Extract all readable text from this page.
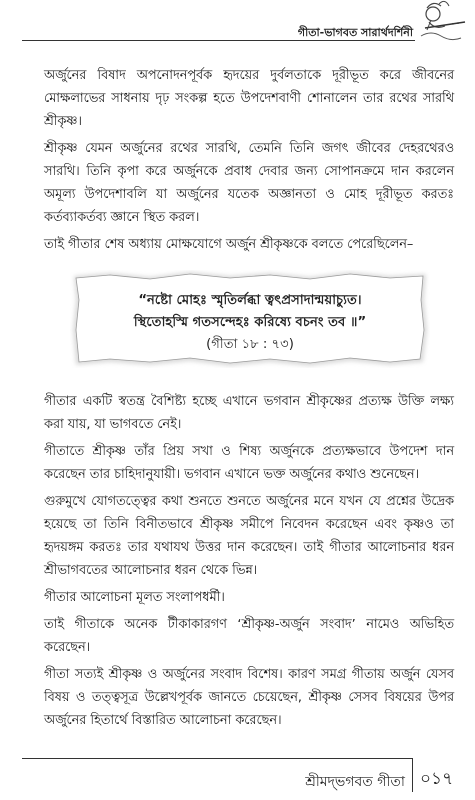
গীতা-ভাগবত সারার্থদর্শিনী

অর্জুনের বিষাদ অপনোদনপূর্বক হৃদয়ের দুর্বলতাকে দূরীভূত করে জীবনের মোক্ষলাভের সাধনায় দৃঢ় সংকল্প হতে উপদেশবাণী শোনালেন তার রথের সারথি শ্রীকৃষ্ণ।

শ্রীকৃষ্ণ যেমন অর্জুনের রথের সারথি, তেমনি তিনি জগৎ জীবের দেহরথেরও সারথি। তিনি কৃপা করে অর্জুনকে প্রবাধ দেবার জন্য সোপানক্রমে দান করলেন অমূল্য উপদেশাবলি যা অর্জুনের যতেক অজ্ঞানতা ও মোহ দূরীভূত করতঃ কর্তব্যাকর্তব্য জ্ঞানে স্থিত করল।

তাই গীতার শেষ অধ্যায় মোক্ষযোগে অর্জুন শ্রীকৃষ্ণকে বলতে পেরেছিলেন–

“নষ্টো মোহঃ স্মৃতির্লব্ধা ত্বৎপ্রসাদান্ময়াচ্যুত।
স্থিতোহস্মি গতসন্দেহঃ করিষ্যে বচনং তব ॥”
(গীতা ১৮ : ৭৩)

গীতার একটি স্বতন্ত্র বৈশিষ্ট্য হচ্ছে এখানে ভগবান শ্রীকৃষ্ণের প্রত্যক্ষ উক্তি লক্ষ্য করা যায়, যা ভাগবতে নেই।

গীতাতে শ্রীকৃষ্ণ তাঁর প্রিয় সখা ও শিষ্য অর্জুনকে প্রত্যক্ষভাবে উপদেশ দান করেছেন তার চাহিদানুযায়ী। ভগবান এখানে ভক্ত অর্জুনের কথাও শুনেছেন।

গুরুমুখে যোগতত্ত্বের কথা শুনতে শুনতে অর্জুনের মনে যখন যে প্রশ্নের উদ্রেক হয়েছে তা তিনি বিনীতভাবে শ্রীকৃষ্ণ সমীপে নিবেদন করেছেন এবং কৃষ্ণও তা হৃদয়ঙ্গম করতঃ তার যথাযথ উত্তর দান করেছেন। তাই গীতার আলোচনার ধরন শ্রীভাগবতের আলোচনার ধরন থেকে ভিন্ন।

গীতার আলোচনা মূলত সংলাপধর্মী।

তাই গীতাকে অনেক টীকাকারগণ ‘শ্রীকৃষ্ণ-অর্জুন সংবাদ’ নামেও অভিহিত করেছেন।

গীতা সত্যই শ্রীকৃষ্ণ ও অর্জুনের সংবাদ বিশেষ। কারণ সমগ্র গীতায় অর্জুন যেসব বিষয় ও তত্ত্বসূত্র উল্লেখপূর্বক জানতে চেয়েছেন, শ্রীকৃষ্ণ সেসব বিষয়ের উপর অর্জুনের হিতার্থে বিস্তারিত আলোচনা করেছেন।

শ্রীমদ্‌ভগবত গীতা ০১৭
